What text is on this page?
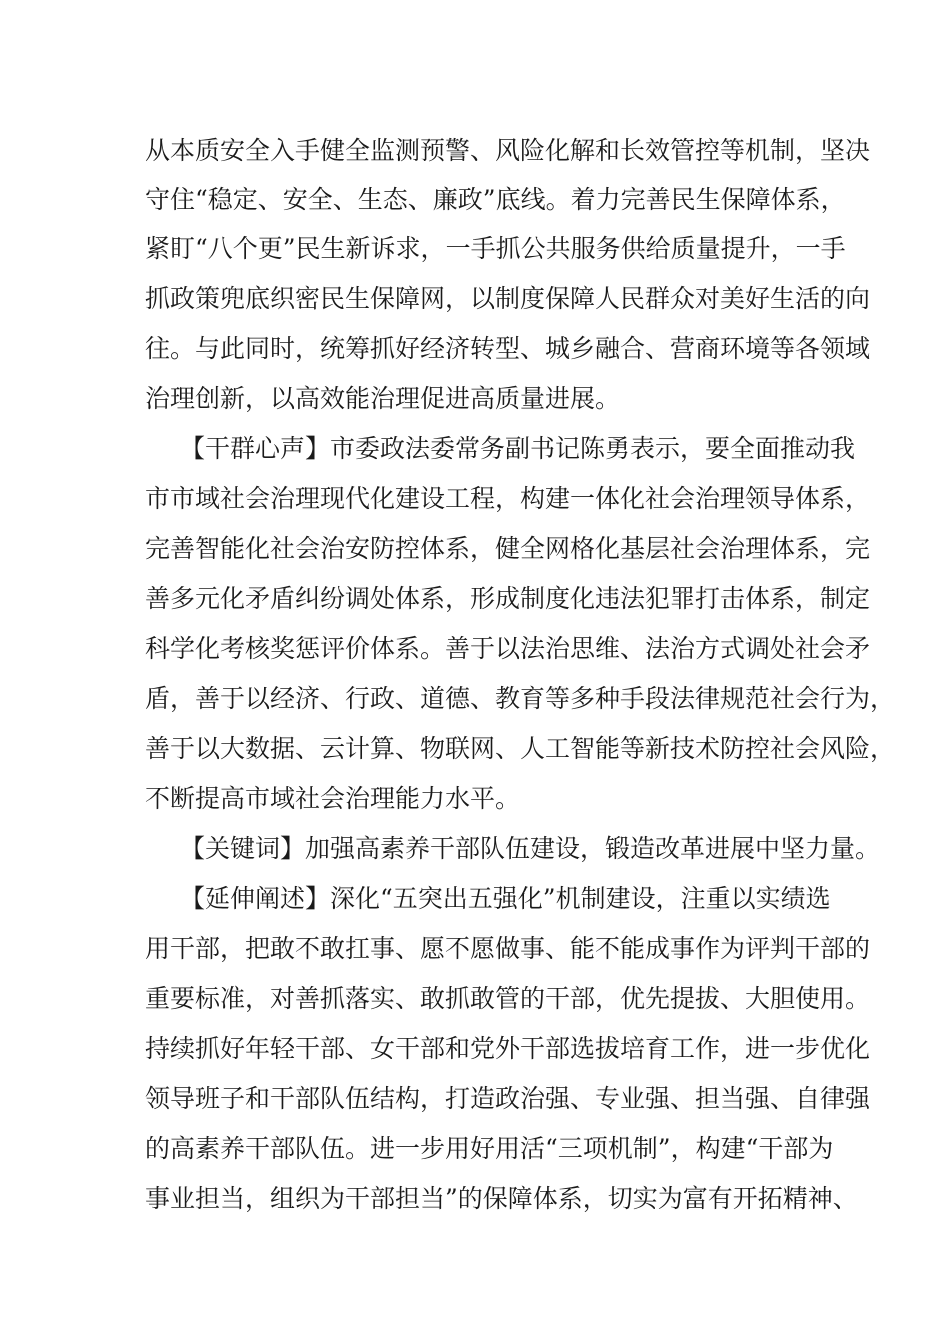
从本质安全入手健全监测预警、风险化解和长效管控等机制，坚决
守住“稳定、安全、生态、廉政”底线。着力完善民生保障体系，
紧盯“八个更”民生新诉求，一手抓公共服务供给质量提升，一手
抓政策兜底织密民生保障网，以制度保障人民群众对美好生活的向
往。与此同时，统筹抓好经济转型、城乡融合、营商环境等各领域
治理创新，以高效能治理促进高质量进展。
【干群心声】市委政法委常务副书记陈勇表示，要全面推动我
市市域社会治理现代化建设工程，构建一体化社会治理领导体系，
完善智能化社会治安防控体系，健全网格化基层社会治理体系，完
善多元化矛盾纠纷调处体系，形成制度化违法犯罪打击体系，制定
科学化考核奖惩评价体系。善于以法治思维、法治方式调处社会矛
盾，善于以经济、行政、道德、教育等多种手段法律规范社会行为，
善于以大数据、云计算、物联网、人工智能等新技术防控社会风险，
不断提高市域社会治理能力水平。
【关键词】加强高素养干部队伍建设，锻造改革进展中坚力量。
【延伸阐述】深化“五突出五强化”机制建设，注重以实绩选
用干部，把敢不敢扛事、愿不愿做事、能不能成事作为评判干部的
重要标准，对善抓落实、敢抓敢管的干部，优先提拔、大胆使用。
持续抓好年轻干部、女干部和党外干部选拔培育工作，进一步优化
领导班子和干部队伍结构，打造政治强、专业强、担当强、自律强
的高素养干部队伍。进一步用好用活“三项机制”，构建“干部为
事业担当，组织为干部担当”的保障体系，切实为富有开拓精神、
